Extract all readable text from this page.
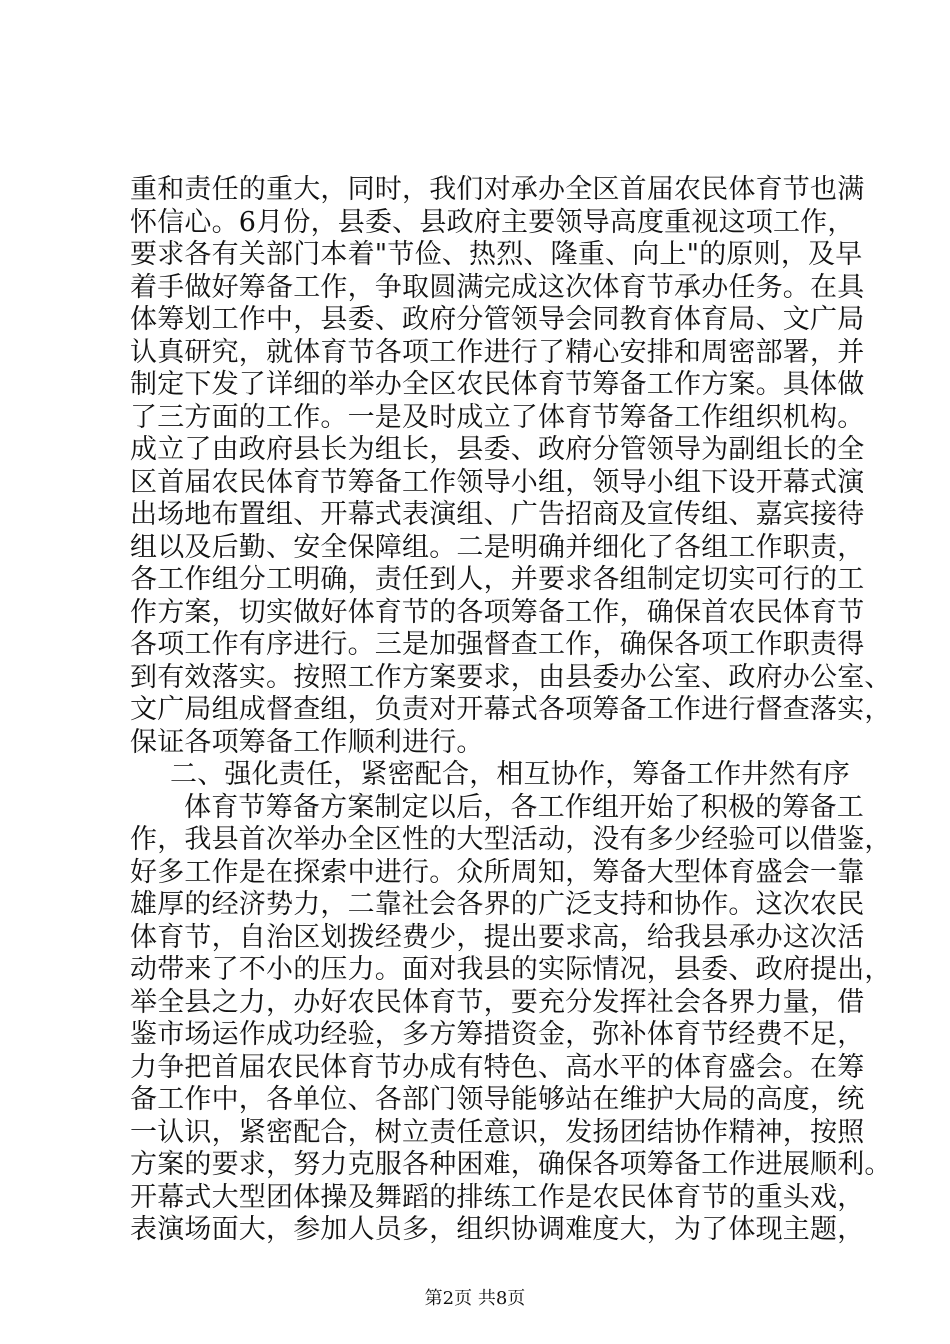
重和责任的重大，同时，我们对承办全区首届农民体育节也满
怀信心。6月份，县委、县政府主要领导高度重视这项工作，
要求各有关部门本着"节俭、热烈、隆重、向上"的原则，及早
着手做好筹备工作，争取圆满完成这次体育节承办任务。在具
体筹划工作中，县委、政府分管领导会同教育体育局、文广局
认真研究，就体育节各项工作进行了精心安排和周密部署，并
制定下发了详细的举办全区农民体育节筹备工作方案。具体做
了三方面的工作。一是及时成立了体育节筹备工作组织机构。
成立了由政府县长为组长，县委、政府分管领导为副组长的全
区首届农民体育节筹备工作领导小组，领导小组下设开幕式演
出场地布置组、开幕式表演组、广告招商及宣传组、嘉宾接待
组以及后勤、安全保障组。二是明确并细化了各组工作职责，
各工作组分工明确，责任到人，并要求各组制定切实可行的工
作方案，切实做好体育节的各项筹备工作，确保首农民体育节
各项工作有序进行。三是加强督查工作，确保各项工作职责得
到有效落实。按照工作方案要求，由县委办公室、政府办公室、
文广局组成督查组，负责对开幕式各项筹备工作进行督查落实，
保证各项筹备工作顺利进行。
二、强化责任，紧密配合，相互协作，筹备工作井然有序
体育节筹备方案制定以后，各工作组开始了积极的筹备工
作，我县首次举办全区性的大型活动，没有多少经验可以借鉴，
好多工作是在探索中进行。众所周知，筹备大型体育盛会一靠
雄厚的经济势力，二靠社会各界的广泛支持和协作。这次农民
体育节，自治区划拨经费少，提出要求高，给我县承办这次活
动带来了不小的压力。面对我县的实际情况，县委、政府提出，
举全县之力，办好农民体育节，要充分发挥社会各界力量，借
鉴市场运作成功经验，多方筹措资金，弥补体育节经费不足，
力争把首届农民体育节办成有特色、高水平的体育盛会。在筹
备工作中，各单位、各部门领导能够站在维护大局的高度，统
一认识，紧密配合，树立责任意识，发扬团结协作精神，按照
方案的要求，努力克服各种困难，确保各项筹备工作进展顺利。
开幕式大型团体操及舞蹈的排练工作是农民体育节的重头戏，
表演场面大，参加人员多，组织协调难度大，为了体现主题，
第2页 共8页
